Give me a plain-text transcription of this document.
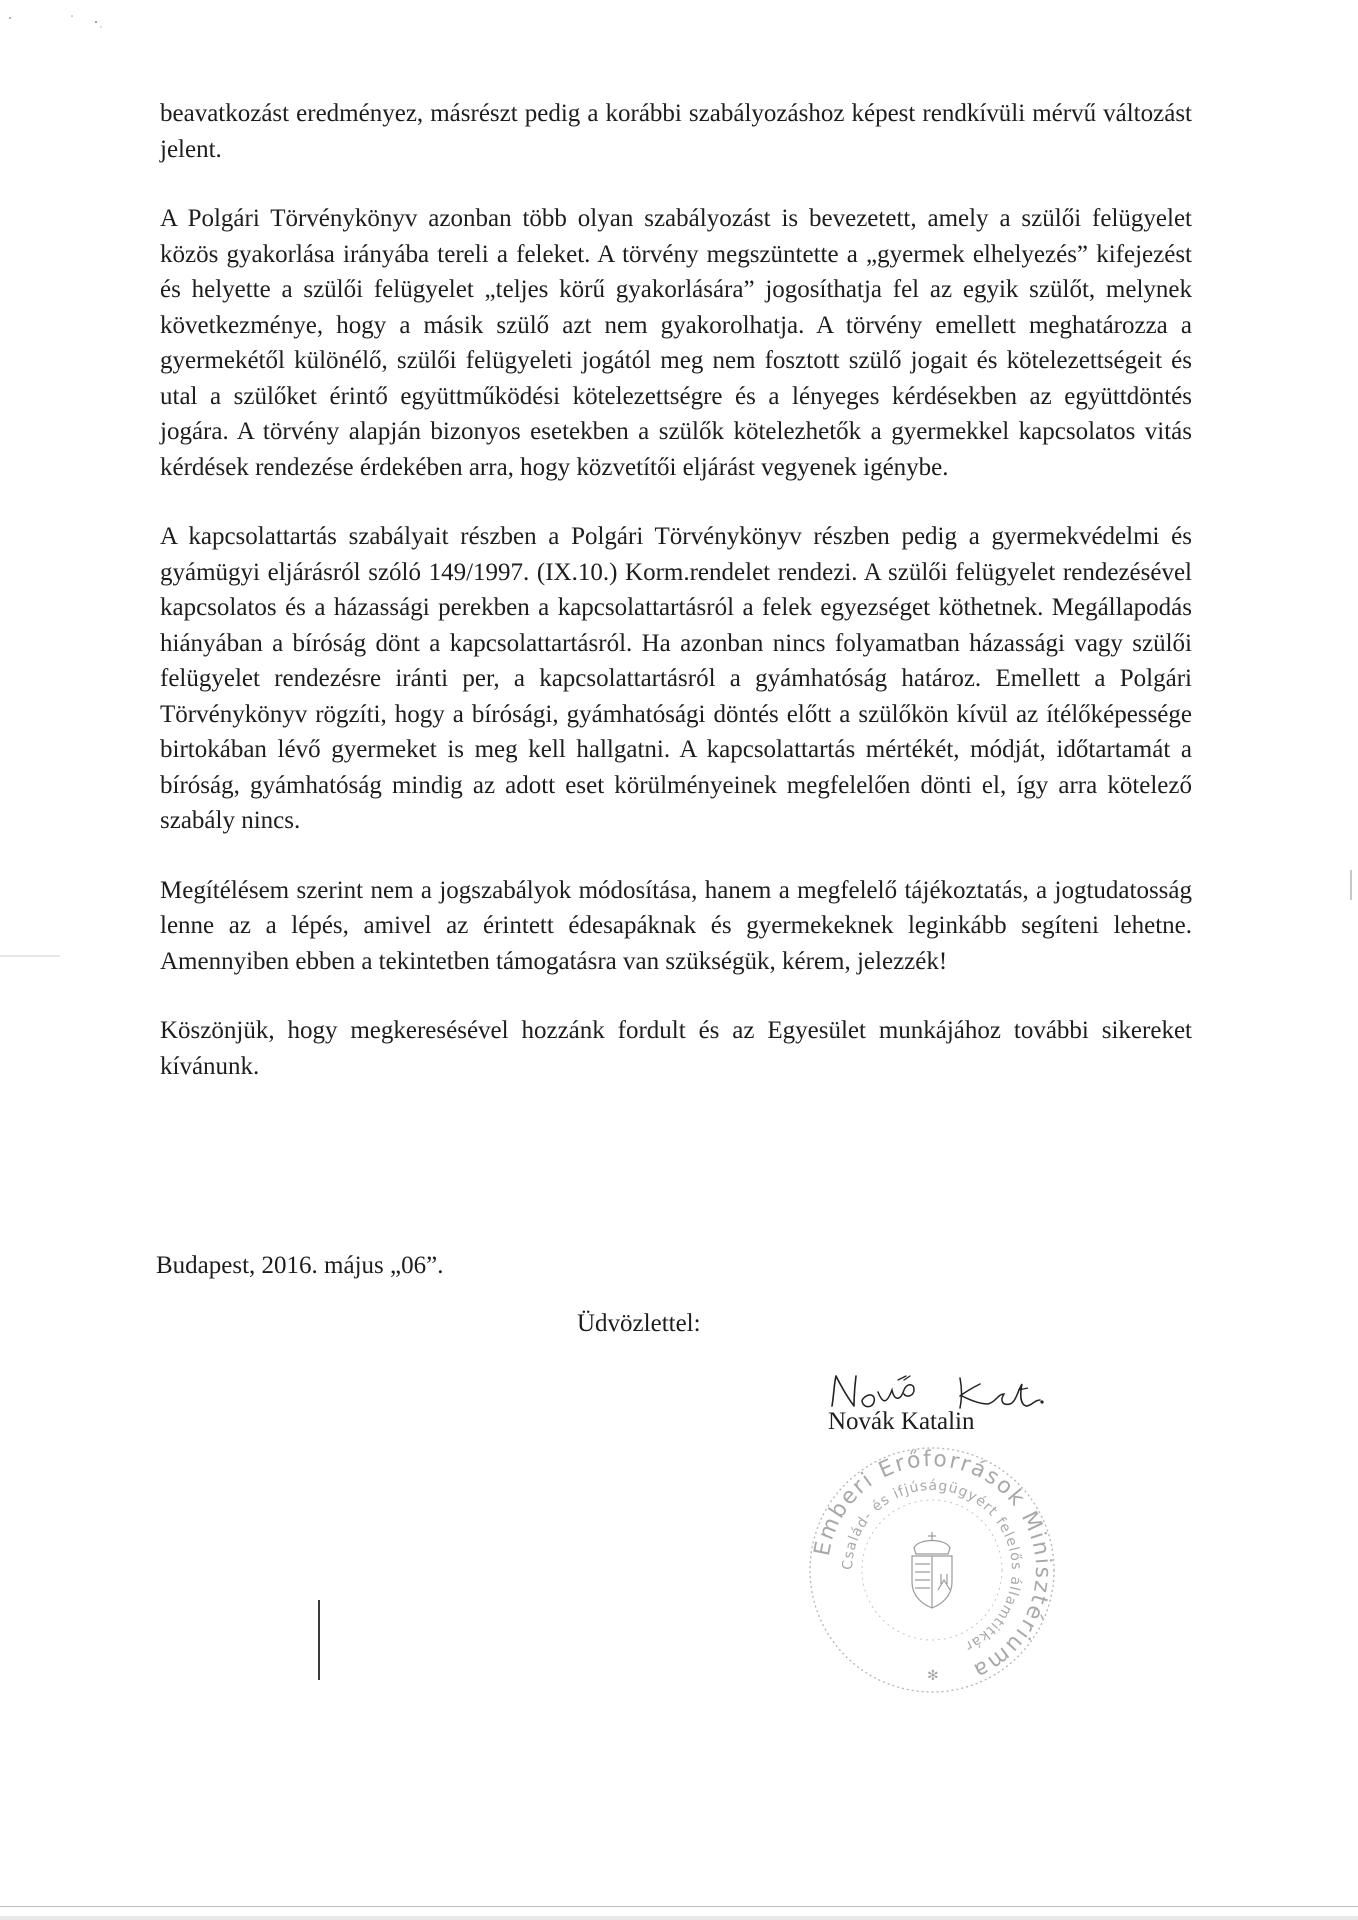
beavatkozást eredményez, másrészt pedig a korábbi szabályozáshoz képest rendkívüli mérvű változást jelent.

A Polgári Törvénykönyv azonban több olyan szabályozást is bevezetett, amely a szülői felügyelet közös gyakorlása irányába tereli a feleket. A törvény megszüntette a „gyermek elhelyezés” kifejezést és helyette a szülői felügyelet „teljes körű gyakorlására” jogosíthatja fel az egyik szülőt, melynek következménye, hogy a másik szülő azt nem gyakorolhatja. A törvény emellett meghatározza a gyermekétől különélő, szülői felügyeleti jogától meg nem fosztott szülő jogait és kötelezettségeit és utal a szülőket érintő együttműködési kötelezettségre és a lényeges kérdésekben az együttdöntés jogára. A törvény alapján bizonyos esetekben a szülők kötelezhetők a gyermekkel kapcsolatos vitás kérdések rendezése érdekében arra, hogy közvetítői eljárást vegyenek igénybe.

A kapcsolattartás szabályait részben a Polgári Törvénykönyv részben pedig a gyermekvédelmi és gyámügyi eljárásról szóló 149/1997. (IX.10.) Korm.rendelet rendezi. A szülői felügyelet rendezésével kapcsolatos és a házassági perekben a kapcsolattartásról a felek egyezséget köthetnek. Megállapodás hiányában a bíróság dönt a kapcsolattartásról. Ha azonban nincs folyamatban házassági vagy szülői felügyelet rendezésre iránti per, a kapcsolattartásról a gyámhatóság határoz. Emellett a Polgári Törvénykönyv rögzíti, hogy a bírósági, gyámhatósági döntés előtt a szülőkön kívül az ítélőképessége birtokában lévő gyermeket is meg kell hallgatni. A kapcsolattartás mértékét, módját, időtartamát a bíróság, gyámhatóság mindig az adott eset körülményeinek megfelelően dönti el, így arra kötelező szabály nincs.

Megítélésem szerint nem a jogszabályok módosítása, hanem a megfelelő tájékoztatás, a jogtudatosság lenne az a lépés, amivel az érintett édesapáknak és gyermekeknek leginkább segíteni lehetne. Amennyiben ebben a tekintetben támogatásra van szükségük, kérem, jelezzék!

Köszönjük, hogy megkeresésével hozzánk fordult és az Egyesület munkájához további sikereket kívánunk.

Budapest, 2016. május „06”.
Üdvözlettel:
Novák Katalin
Emberi Erőforrások Minisztériuma
Család- és ifjúságügyért felelős államtitkár
✻
